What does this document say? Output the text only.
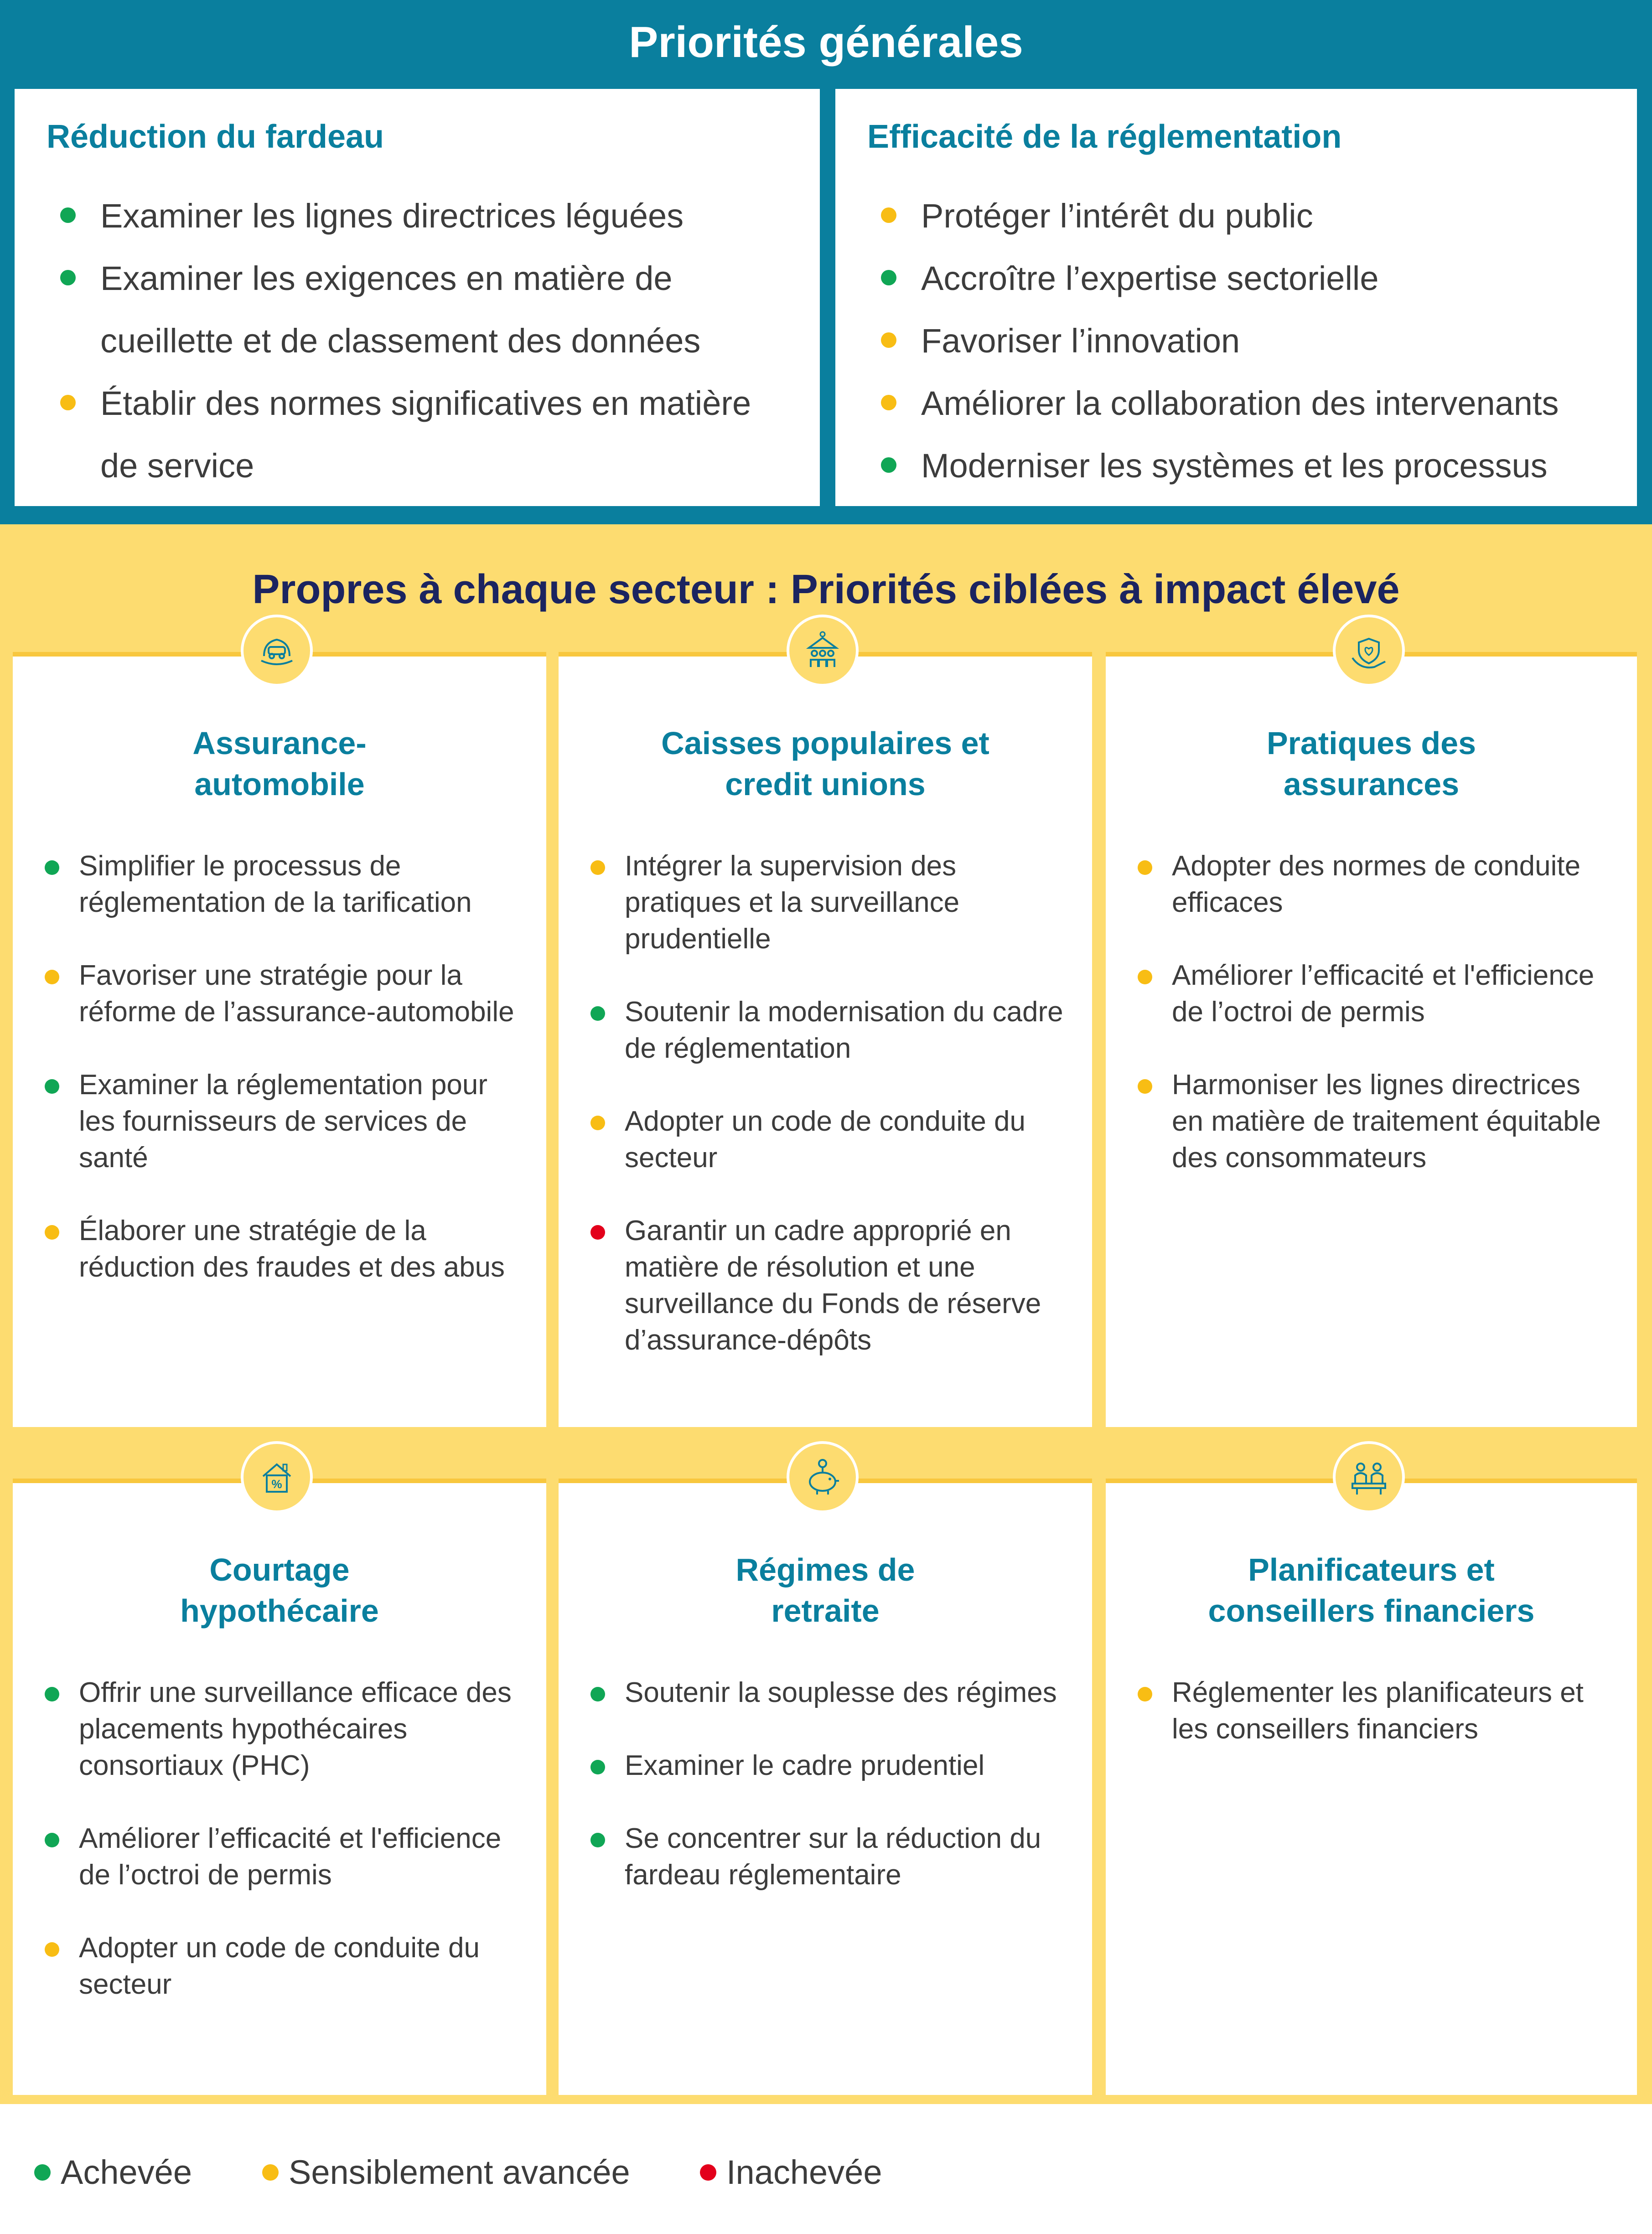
Priorités générales
Réduction du fardeau
Examiner les lignes directrices léguées
Examiner les exigences en matière de cueillette et de classement des données
Établir des normes significatives en matière de service
Efficacité de la réglementation
Protéger l’intérêt du public
Accroître l’expertise sectorielle
Favoriser l’innovation
Améliorer la collaboration des intervenants
Moderniser les systèmes et les processus
Propres à chaque secteur : Priorités ciblées à impact élevé
Assurance-
automobile
Simplifier le processus de réglementation de la tarification
Favoriser une stratégie pour la réforme de l’assurance-automobile
Examiner la réglementation pour les fournisseurs de services de santé
Élaborer une stratégie de la réduction des fraudes et des abus
Caisses populaires et
credit unions
Intégrer la supervision des pratiques et la surveillance prudentielle
Soutenir la modernisation du cadre de réglementation
Adopter un code de conduite du secteur
Garantir un cadre approprié en matière de résolution et une surveillance du Fonds de réserve d’assurance-dépôts
Pratiques des
assurances
Adopter des normes de conduite efficaces
Améliorer l’efficacité et l'efficience de l’octroi de permis
Harmoniser les lignes directrices en matière de traitement équitable des consommateurs
Courtage
hypothécaire
Offrir une surveillance efficace des placements hypothécaires consortiaux (PHC)
Améliorer l’efficacité et l'efficience de l’octroi de permis
Adopter un code de conduite du secteur
%
Régimes de
retraite
Soutenir la souplesse des régimes
Examiner le cadre prudentiel
Se concentrer sur la réduction du fardeau réglementaire
Planificateurs et
conseillers financiers
Réglementer les planificateurs et les conseillers financiers
Achevée	Sensiblement avancée	Inachevée
